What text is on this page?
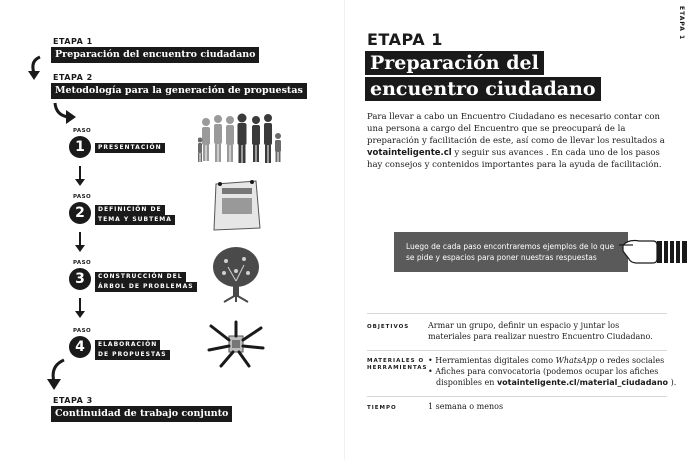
ETAPA 1
Preparación del encuentro ciudadano
ETAPA 2
Metodología para la generación de propuestas
PASO
1	PRESENTACIÓN
PASO
2	DEFINICIÓN DE
TEMA Y SUBTEMA
PASO
3	CONSTRUCCIÓN DEL
ÁRBOL DE PROBLEMAS
PASO
4	ELABORACIÓN
DE PROPUESTAS
ETAPA 3
Continuidad de trabajo conjunto
ETAPA 1
ETAPA 1
Preparación del
encuentro ciudadano

Para llevar a cabo un Encuentro Ciudadano es necesario contar con una persona a cargo del Encuentro que se preocupará de la preparación y facilitación de este, así como de llevar los resultados a votainteligente.cl y seguir sus avances . En cada uno de los pasos hay consejos y contenidos importantes para la ayuda de facilitación.

Luego de cada paso encontraremos ejemplos de lo que se pide y espacios para poner nuestras respuestas
OBJETIVOS Armar un grupo, definir un espacio y juntar los materiales para realizar nuestro Encuentro Ciudadano.
MATERIALES O
HERRAMIENTAS
• Herramientas digitales como WhatsApp o redes sociales
• Afiches para convocatoria (podemos ocupar los afiches
disponibles en votainteligente.cl/material_ciudadano ).
TIEMPO	1 semana o menos
